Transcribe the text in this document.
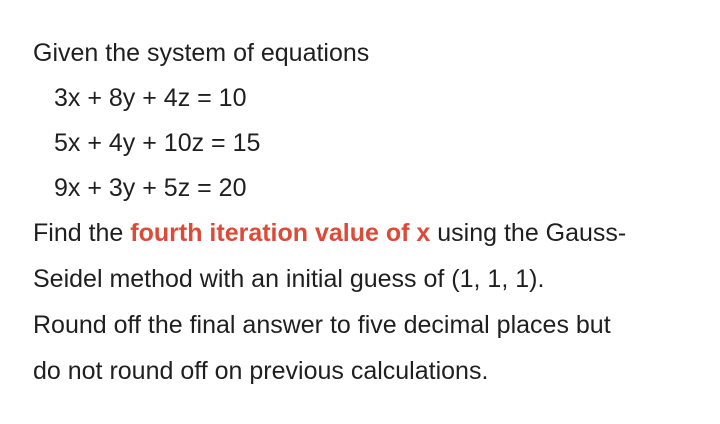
Given the system of equations
3x + 8y + 4z = 10
5x + 4y + 10z = 15
9x + 3y + 5z = 20
Find the fourth iteration value of x using the Gauss-
Seidel method with an initial guess of (1, 1, 1).
Round off the final answer to five decimal places but
do not round off on previous calculations.
